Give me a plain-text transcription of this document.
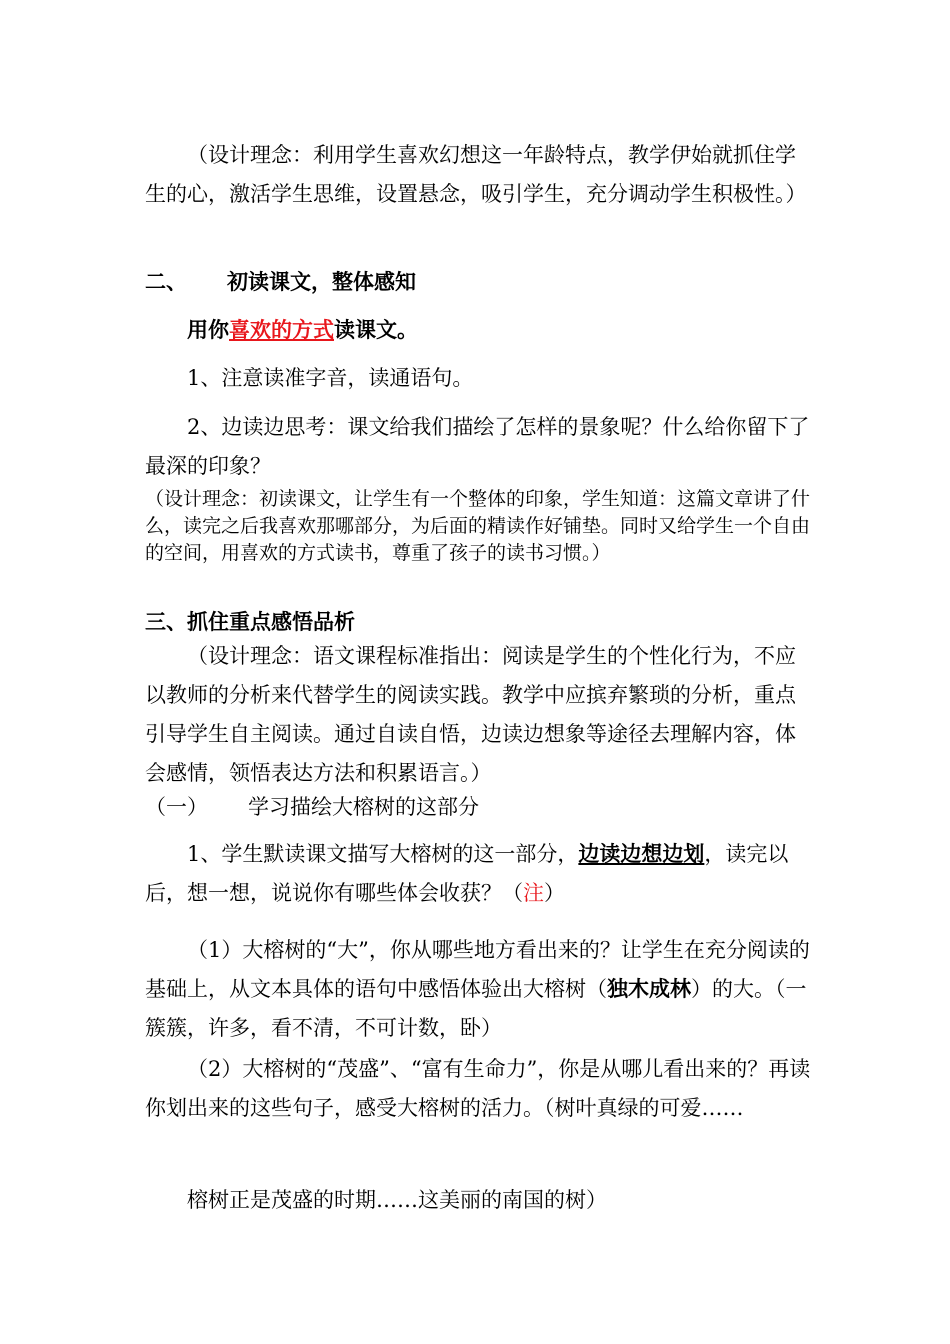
（设计理念：利用学生喜欢幻想这一年龄特点，教学伊始就抓住学生的心，激活学生思维，设置悬念，吸引学生，充分调动学生积极性。）

二、 初读课文，整体感知

用你喜欢的方式读课文。

1、注意读准字音，读通语句。

2、边读边思考：课文给我们描绘了怎样的景象呢？什么给你留下了最深的印象？

（设计理念：初读课文，让学生有一个整体的印象，学生知道：这篇文章讲了什么，读完之后我喜欢那哪部分，为后面的精读作好铺垫。同时又给学生一个自由的空间，用喜欢的方式读书，尊重了孩子的读书习惯。）

三、抓住重点感悟品析

（设计理念：语文课程标准指出：阅读是学生的个性化行为，不应以教师的分析来代替学生的阅读实践。教学中应摈弃繁琐的分析，重点引导学生自主阅读。通过自读自悟，边读边想象等途径去理解内容，体会感情，领悟表达方法和积累语言。）

（一） 学习描绘大榕树的这部分

1、学生默读课文描写大榕树的这一部分，边读边想边划，读完以后，想一想，说说你有哪些体会收获？（注）

（1）大榕树的“大”，你从哪些地方看出来的？让学生在充分阅读的基础上，从文本具体的语句中感悟体验出大榕树（独木成林）的大。（一簇簇，许多，看不清，不可计数，卧）

（2）大榕树的“茂盛”、“富有生命力”，你是从哪儿看出来的？再读你划出来的这些句子，感受大榕树的活力。（树叶真绿的可爱……

榕树正是茂盛的时期……这美丽的南国的树）
